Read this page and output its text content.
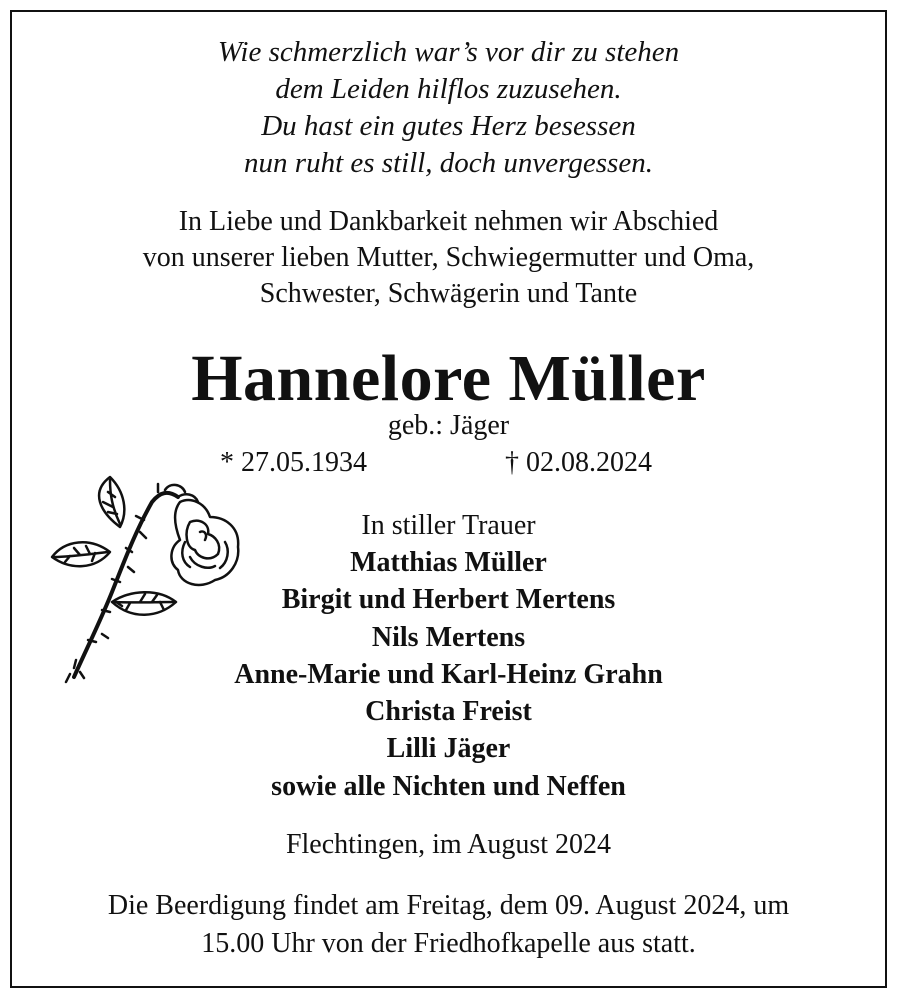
Wie schmerzlich war’s vor dir zu stehen
dem Leiden hilflos zuzusehen.
Du hast ein gutes Herz besessen
nun ruht es still, doch unvergessen.
In Liebe und Dankbarkeit nehmen wir Abschied
von unserer lieben Mutter, Schwiegermutter und Oma,
Schwester, Schwägerin und Tante
Hannelore Müller
geb.: Jäger
* 27.05.1934	† 02.08.2024
In stiller Trauer
Matthias Müller
Birgit und Herbert Mertens
Nils Mertens
Anne-Marie und Karl-Heinz Grahn
Christa Freist
Lilli Jäger
sowie alle Nichten und Neffen
Flechtingen, im August 2024
Die Beerdigung findet am Freitag, dem 09. August 2024, um
15.00 Uhr von der Friedhofkapelle aus statt.
